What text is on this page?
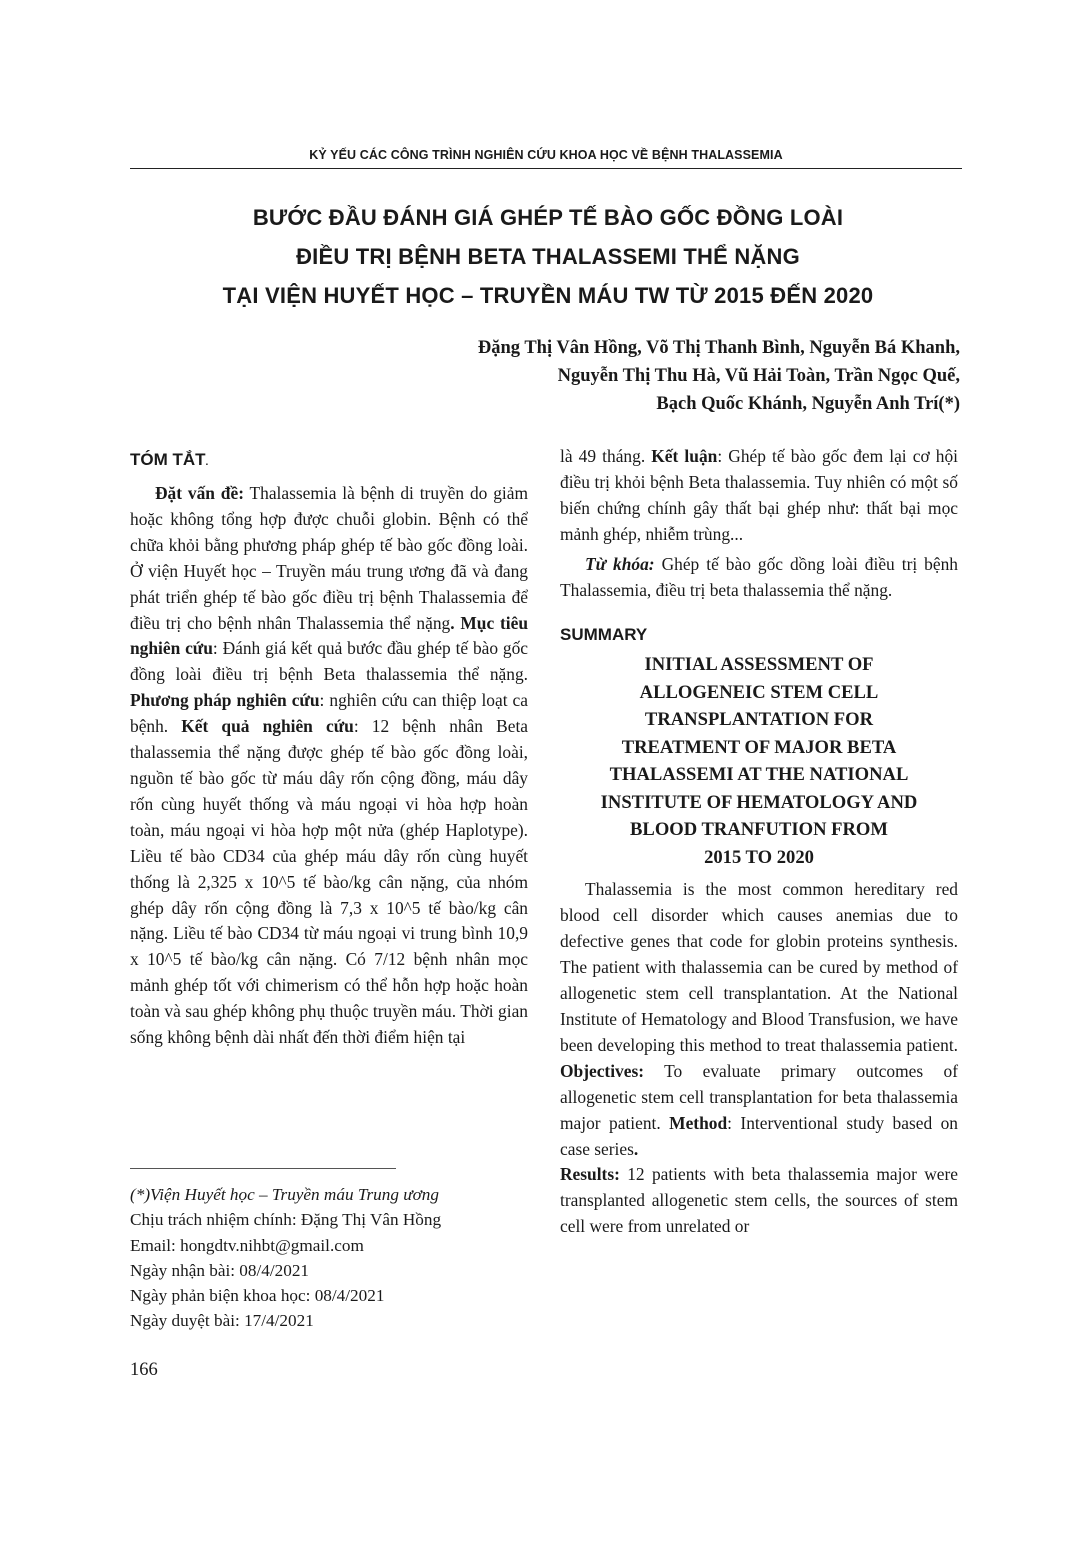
KỶ YẾU CÁC CÔNG TRÌNH NGHIÊN CỨU KHOA HỌC VỀ BỆNH THALASSEMIA
BƯỚC ĐẦU ĐÁNH GIÁ GHÉP TẾ BÀO GỐC ĐỒNG LOÀI
ĐIỀU TRỊ BỆNH BETA THALASSEMI THỂ NẶNG
TẠI VIỆN HUYẾT HỌC – TRUYỀN MÁU TW TỪ 2015 ĐẾN 2020
Đặng Thị Vân Hồng, Võ Thị Thanh Bình, Nguyễn Bá Khanh,
Nguyễn Thị Thu Hà, Vũ Hải Toàn, Trần Ngọc Quế,
Bạch Quốc Khánh, Nguyễn Anh Trí(*)
TÓM TẮT.

Đặt vấn đề: Thalassemia là bệnh di truyền do giảm hoặc không tổng hợp được chuỗi globin. Bệnh có thể chữa khỏi bằng phương pháp ghép tế bào gốc đồng loài. Ở viện Huyết học – Truyền máu trung ương đã và đang phát triển ghép tế bào gốc điều trị bệnh Thalassemia để điều trị cho bệnh nhân Thalassemia thể nặng. Mục tiêu nghiên cứu: Đánh giá kết quả bước đầu ghép tế bào gốc đồng loài điều trị bệnh Beta thalassemia thể nặng. Phương pháp nghiên cứu: nghiên cứu can thiệp loạt ca bệnh. Kết quả nghiên cứu: 12 bệnh nhân Beta thalassemia thể nặng được ghép tế bào gốc đồng loài, nguồn tế bào gốc từ máu dây rốn cộng đồng, máu dây rốn cùng huyết thống và máu ngoại vi hòa hợp hoàn toàn, máu ngoại vi hòa hợp một nửa (ghép Haplotype). Liều tế bào CD34 của ghép máu dây rốn cùng huyết thống là 2,325 x 10^5 tế bào/kg cân nặng, của nhóm ghép dây rốn cộng đồng là 7,3 x 10^5 tế bào/kg cân nặng. Liều tế bào CD34 từ máu ngoại vi trung bình 10,9 x 10^5 tế bào/kg cân nặng. Có 7/12 bệnh nhân mọc mảnh ghép tốt với chimerism có thể hỗn hợp hoặc hoàn toàn và sau ghép không phụ thuộc truyền máu. Thời gian sống không bệnh dài nhất đến thời điểm hiện tại

là 49 tháng. Kết luận: Ghép tế bào gốc đem lại cơ hội điều trị khỏi bệnh Beta thalassemia. Tuy nhiên có một số biến chứng chính gây thất bại ghép như: thất bại mọc mảnh ghép, nhiễm trùng...

Từ khóa: Ghép tế bào gốc dồng loài điều trị bệnh Thalassemia, điều trị beta thalassemia thể nặng.

SUMMARY
INITIAL ASSESSMENT OF
ALLOGENEIC STEM CELL
TRANSPLANTATION FOR
TREATMENT OF MAJOR BETA
THALASSEMI AT THE NATIONAL
INSTITUTE OF HEMATOLOGY AND
BLOOD TRANFUTION FROM
2015 TO 2020

Thalassemia is the most common hereditary red blood cell disorder which causes anemias due to defective genes that code for globin proteins synthesis. The patient with thalassemia can be cured by method of allogenetic stem cell transplantation. At the National Institute of Hematology and Blood Transfusion, we have been developing this method to treat thalassemia patient. Objectives: To evaluate primary outcomes of allogenetic stem cell transplantation for beta thalassemia major patient. Method: Interventional study based on case series.
Results: 12 patients with beta thalassemia major were transplanted allogenetic stem cells, the sources of stem cell were from unrelated or

(*)Viện Huyết học – Truyền máu Trung ương
Chịu trách nhiệm chính: Đặng Thị Vân Hồng
Email: hongdtv.nihbt@gmail.com
Ngày nhận bài: 08/4/2021
Ngày phản biện khoa học: 08/4/2021
Ngày duyệt bài: 17/4/2021
166
